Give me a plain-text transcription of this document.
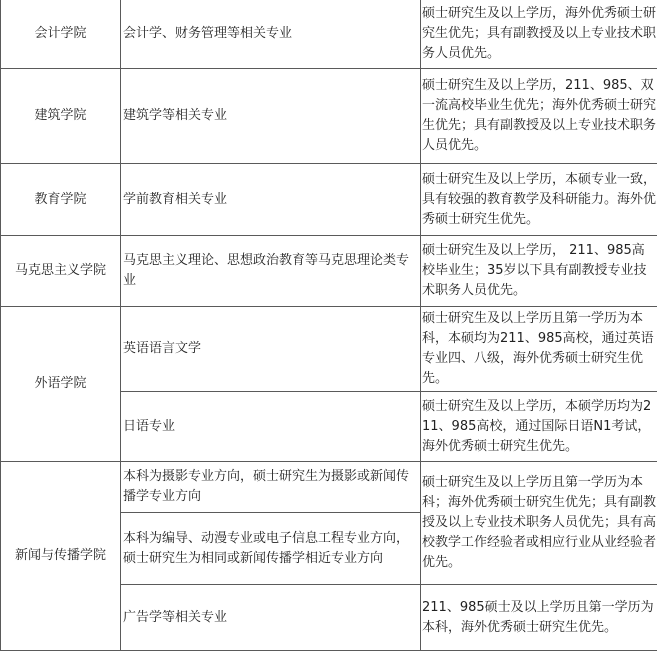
会计学院	会计学、财务管理等相关专业	硕士研究生及以上学历，海外优秀硕士研究生优先；具有副教授及以上专业技术职务人员优先。
建筑学院	建筑学等相关专业	硕士研究生及以上学历，211、985、双一流高校毕业生优先；海外优秀硕士研究生优先；具有副教授及以上专业技术职务人员优先。
教育学院	学前教育相关专业	硕士研究生及以上学历，本硕专业一致，具有较强的教育教学及科研能力。海外优秀硕士研究生优先。
马克思主义学院	马克思主义理论、思想政治教育等马克思理论类专业	硕士研究生及以上学历， 211、985高校毕业生；35岁以下具有副教授专业技术职务人员优先。
外语学院	英语语言文学	硕士研究生及以上学历且第一学历为本科，本硕均为211、985高校，通过英语专业四、八级，海外优秀硕士研究生优先。
	日语专业	硕士研究生及以上学历，本硕学历均为211、985高校，通过国际日语N1考试，海外优秀硕士研究生优先。
新闻与传播学院	本科为摄影专业方向，硕士研究生为摄影或新闻传播学专业方向	硕士研究生及以上学历且第一学历为本科；海外优秀硕士研究生优先；具有副教授及以上专业技术职务人员优先；具有高校教学工作经验者或相应行业从业经验者优先。
	本科为编导、动漫专业或电子信息工程专业方向，硕士研究生为相同或新闻传播学相近专业方向	
	广告学等相关专业	211、985硕士及以上学历且第一学历为本科，海外优秀硕士研究生优先。
